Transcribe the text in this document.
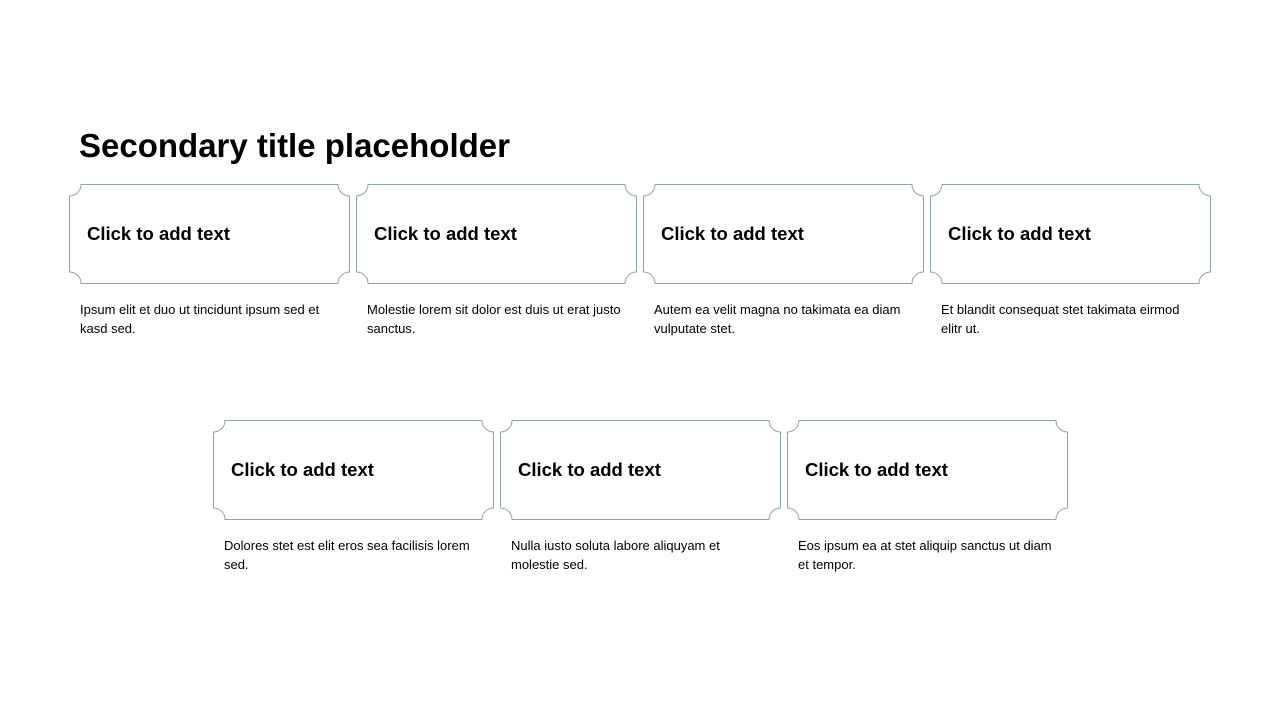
Secondary title placeholder
Click to add text
Ipsum elit et duo ut tincidunt ipsum sed et kasd sed.
Click to add text
Molestie lorem sit dolor est duis ut erat justo sanctus.
Click to add text
Autem ea velit magna no takimata ea diam vulputate stet.
Click to add text
Et blandit consequat stet takimata eirmod elitr ut.
Click to add text
Dolores stet est elit eros sea facilisis lorem sed.
Click to add text
Nulla iusto soluta labore aliquyam et molestie sed.
Click to add text
Eos ipsum ea at stet aliquip sanctus ut diam et tempor.
